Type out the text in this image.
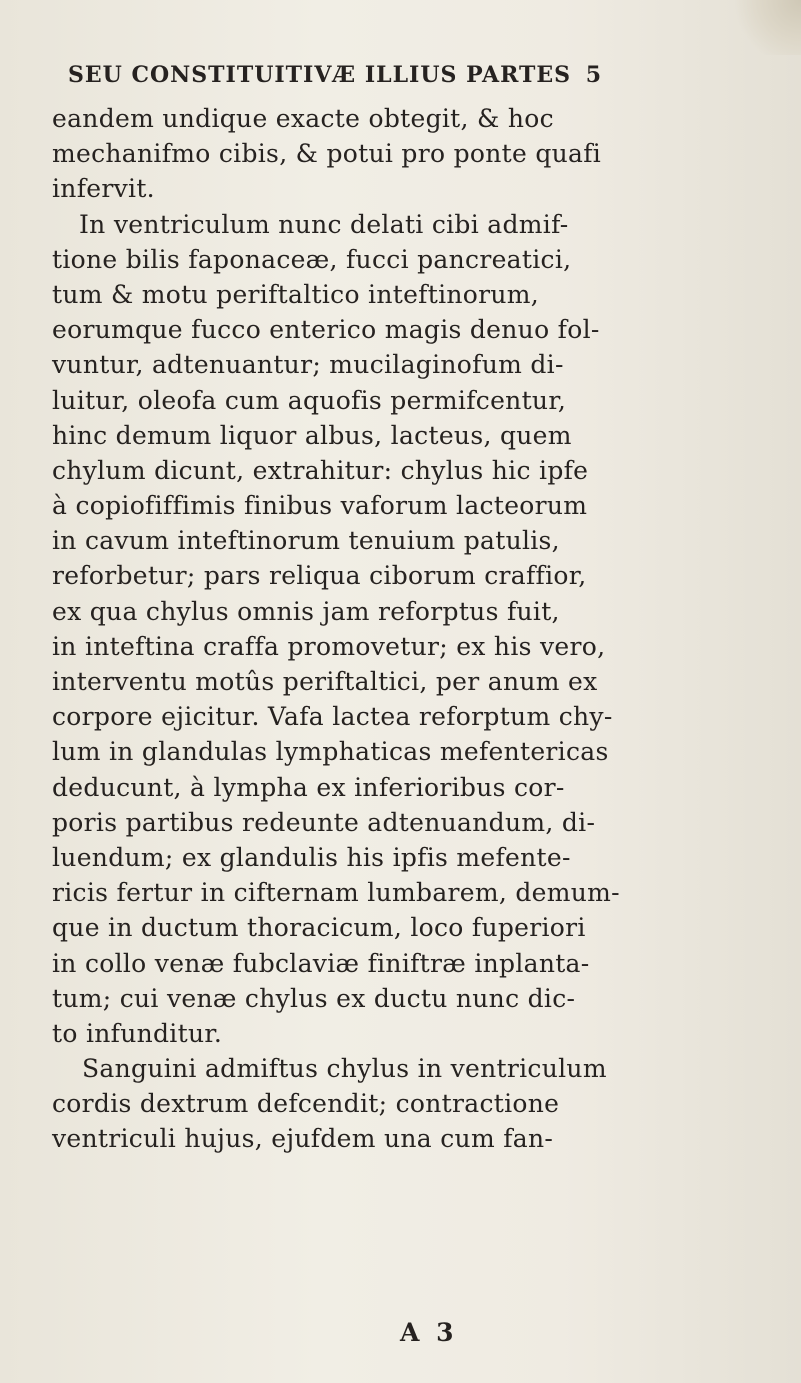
SEU CONSTITUITIVÆ ILLIUS PARTES 5
eandem undique exacte obtegit, & hoc
mechanifmo cibis, & potui pro ponte quafi
infervit.
In ventriculum nunc delati cibi admif-
tione bilis faponaceæ, fucci pancreatici,
tum & motu periftaltico inteftinorum,
eorumque fucco enterico magis denuo fol-
vuntur, adtenuantur; mucilaginofum di-
luitur, oleofa cum aquofis permifcentur,
hinc demum liquor albus, lacteus, quem
chylum dicunt, extrahitur: chylus hic ipfe
à copiofiffimis finibus vaforum lacteorum
in cavum inteftinorum tenuium patulis,
reforbetur; pars reliqua ciborum craffior,
ex qua chylus omnis jam reforptus fuit,
in inteftina craffa promovetur; ex his vero,
interventu motûs periftaltici, per anum ex
corpore ejicitur. Vafa lactea reforptum chy-
lum in glandulas lymphaticas mefentericas
deducunt, à lympha ex inferioribus cor-
poris partibus redeunte adtenuandum, di-
luendum; ex glandulis his ipfis mefente-
ricis fertur in cifternam lumbarem, demum-
que in ductum thoracicum, loco fuperiori
in collo venæ fubclaviæ finiftræ inplanta-
tum; cui venæ chylus ex ductu nunc dic-
to infunditur.
Sanguini admiftus chylus in ventriculum
cordis dextrum defcendit; contractione
ventriculi hujus, ejufdem una cum fan-
A 3
